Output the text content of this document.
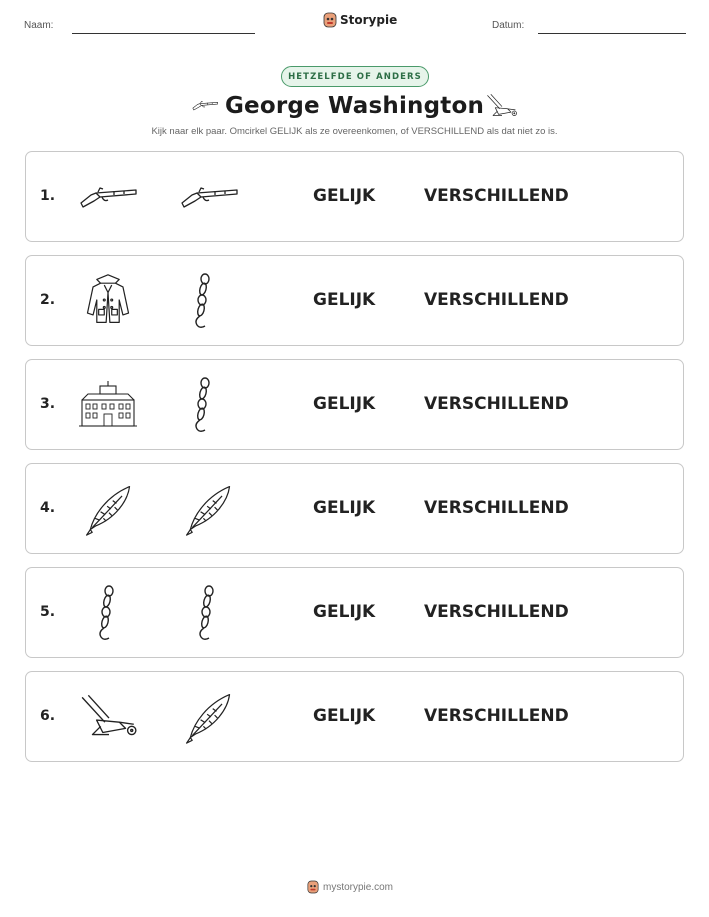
Naam:	Storypie	Datum:
HETZELFDE OF ANDERS
George Washington
Kijk naar elk paar. Omcirkel GELIJK als ze overeenkomen, of VERSCHILLEND als dat niet zo is.
1.	GELIJK	VERSCHILLEND
2.	GELIJK	VERSCHILLEND
3.	GELIJK	VERSCHILLEND
4.	GELIJK	VERSCHILLEND
5.	GELIJK	VERSCHILLEND
6.	GELIJK	VERSCHILLEND
mystorypie.com
